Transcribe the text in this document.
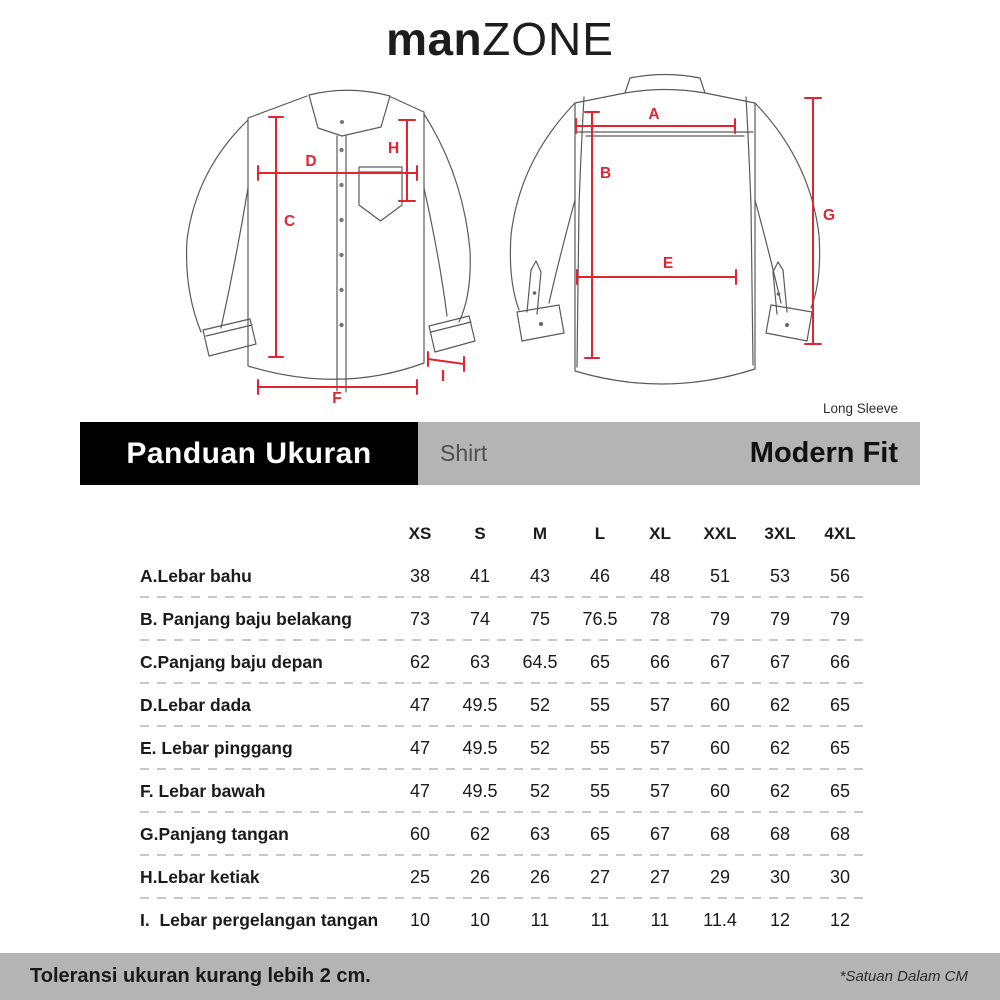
manZONE
C
D
H
F
I
A
B
E
G
Long Sleeve
Panduan Ukuran	Shirt	Modern Fit
XS	S	M	L	XL	XXL	3XL	4XL
A.Lebar bahu	38	41	43	46	48	51	53	56
B. Panjang baju belakang	73	74	75	76.5	78	79	79	79
C.Panjang baju depan	62	63	64.5	65	66	67	67	66
D.Lebar dada	47	49.5	52	55	57	60	62	65
E. Lebar pinggang	47	49.5	52	55	57	60	62	65
F. Lebar bawah	47	49.5	52	55	57	60	62	65
G.Panjang tangan	60	62	63	65	67	68	68	68
H.Lebar ketiak	25	26	26	27	27	29	30	30
I.  Lebar pergelangan tangan	10	10	11	11	11	11.4	12	12
Toleransi ukuran kurang lebih 2 cm.	*Satuan Dalam CM
